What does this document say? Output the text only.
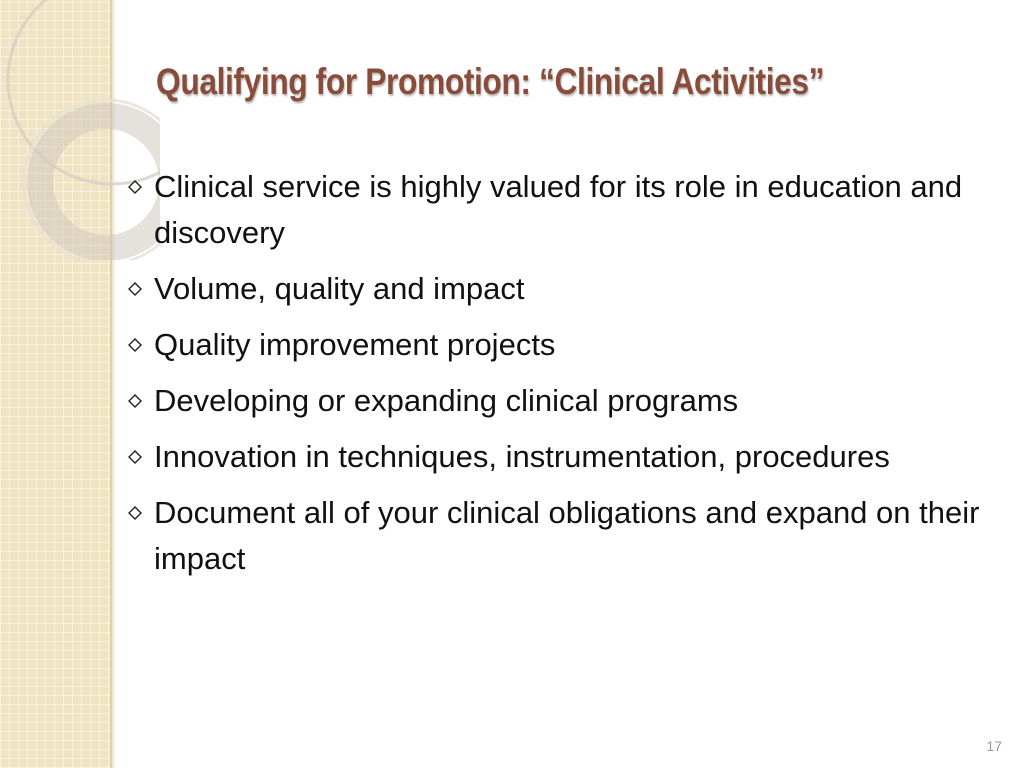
Qualifying for Promotion: “Clinical Activities”
Clinical service is highly valued for its role in education and discovery
Volume, quality and impact
Quality improvement projects
Developing or expanding clinical programs
Innovation in techniques, instrumentation, procedures
Document all of your clinical obligations and expand on their impact
17
